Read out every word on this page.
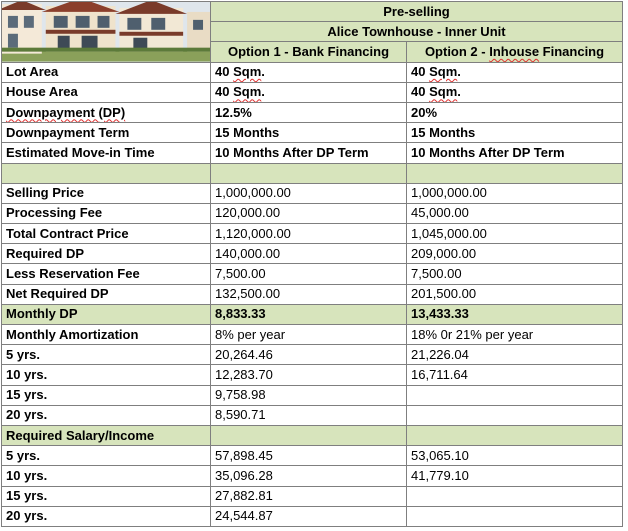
	Pre-selling	
	Alice Townhouse - Inner Unit	
	Option 1 - Bank Financing	Option 2 - Inhouse Financing
Lot Area	40 Sqm.	40 Sqm.
House Area	40 Sqm.	40 Sqm.
Downpayment (DP)	12.5%	20%
Downpayment Term	15 Months	15 Months
Estimated Move-in Time	10 Months After DP Term	10 Months After DP Term

Selling Price	1,000,000.00	1,000,000.00
Processing Fee	120,000.00	45,000.00
Total Contract Price	1,120,000.00	1,045,000.00
Required DP	140,000.00	209,000.00
Less Reservation Fee	7,500.00	7,500.00
Net Required DP	132,500.00	201,500.00
Monthly DP	8,833.33	13,433.33
Monthly Amortization	8% per year	18% 0r 21% per year
5 yrs.	20,264.46	21,226.04
10 yrs.	12,283.70	16,711.64
15 yrs.	9,758.98	
20 yrs.	8,590.71	
Required Salary/Income		
5 yrs.	57,898.45	53,065.10
10 yrs.	35,096.28	41,779.10
15 yrs.	27,882.81	
20 yrs.	24,544.87	
